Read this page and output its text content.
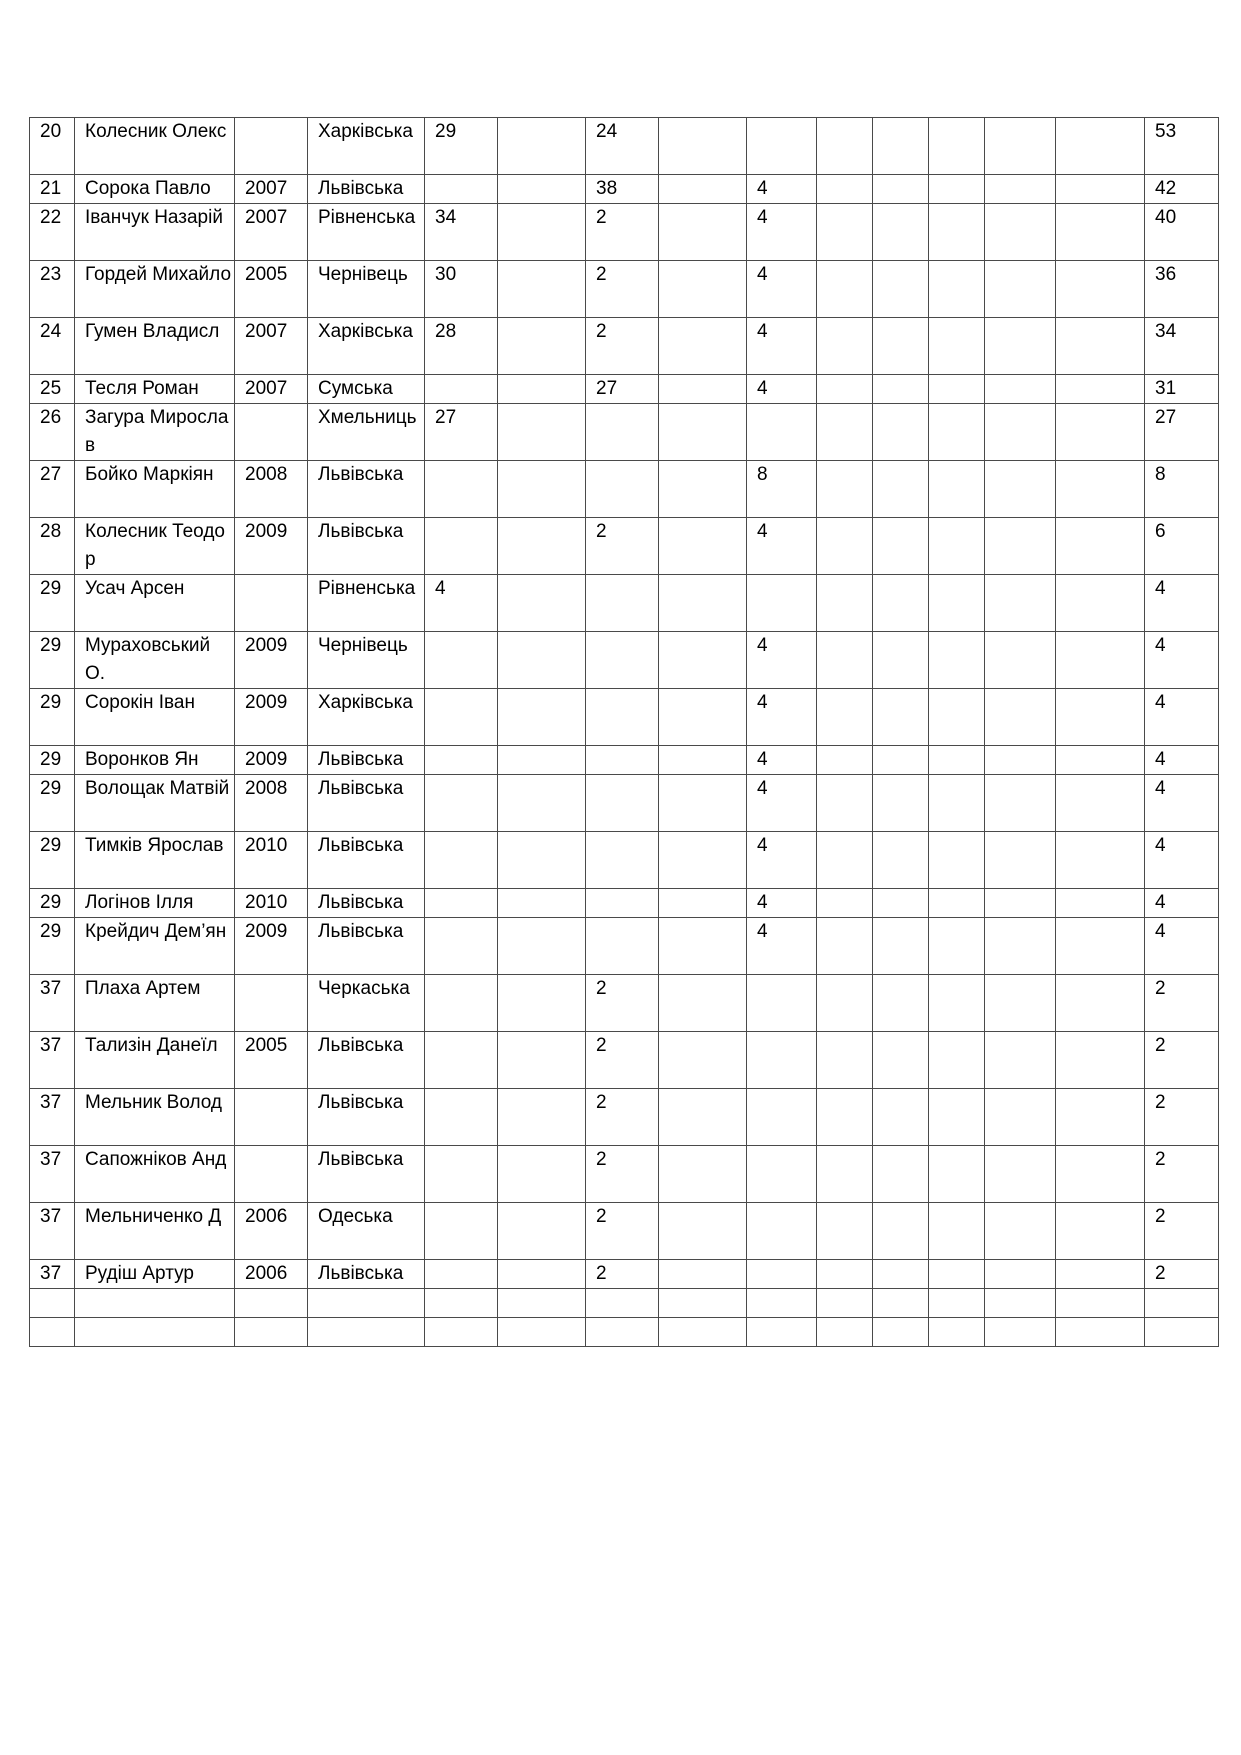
20	Колесник Олекс		Харківська	29		24								53
21	Сорока Павло	2007	Львівська			38		4						42
22	Іванчук Назарій	2007	Рівненська	34		2		4						40
23	Гордей Михайло	2005	Чернівець	30		2		4						36
24	Гумен Владисл	2007	Харківська	28		2		4						34
25	Тесля Роман	2007	Сумська			27		4						31
26	Загура Мирослав		Хмельниць	27										27
27	Бойко Маркіян	2008	Львівська					8						8
28	Колесник Теодор	2009	Львівська			2		4						6
29	Усач Арсен		Рівненська	4										4
29	Мураховський О.	2009	Чернівець					4						4
29	Сорокін Іван	2009	Харківська					4						4
29	Воронков Ян	2009	Львівська					4						4
29	Волощак Матвій	2008	Львівська					4						4
29	Тимків Ярослав	2010	Львівська					4						4
29	Логінов Ілля	2010	Львівська					4						4
29	Крейдич Дем’ян	2009	Львівська					4						4
37	Плаха Артем		Черкаська			2								2
37	Тализін Данеїл	2005	Львівська			2								2
37	Мельник Волод		Львівська			2								2
37	Сапожніков Анд		Львівська			2								2
37	Мельниченко Д	2006	Одеська			2								2
37	Рудіш Артур	2006	Львівська			2								2
